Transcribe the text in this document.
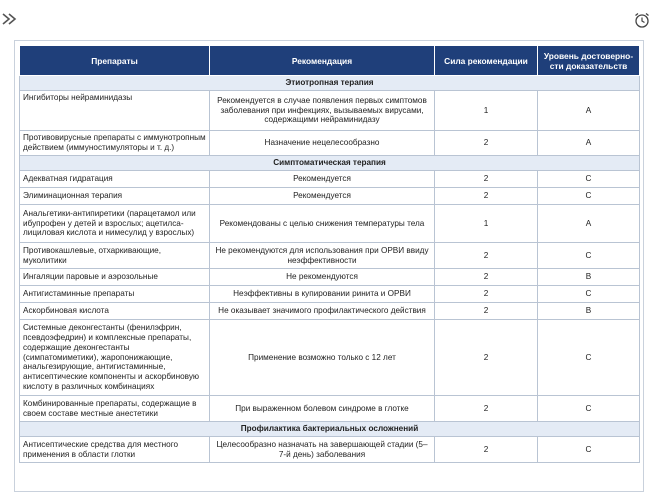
Препараты	Рекомендация	Сила рекомендации	Уровень достоверности доказательств
Этиотропная терапия			
Ингибиторы нейраминидазы	Рекомендуется в случае появления первых симптомов заболевания при инфекциях, вызываемых вирусами, содержащими нейраминидазу	1	A
Противовирусные препараты с иммунотропным действием (иммуностимуляторы и т. д.)	Назначение нецелесообразно	2	A
Симптоматическая терапия			
Адекватная гидратация	Рекомендуется	2	C
Элиминационная терапия	Рекомендуется	2	C
Анальгетики-антипиретики (парацетамол или ибупрофен у детей и взрослых; ацетилсалициловая кислота и нимесулид у взрослых)	Рекомендованы с целью снижения температуры тела	1	A
Противокашлевые, отхаркивающие, муколитики	Не рекомендуются для использования при ОРВИ ввиду неэффективности	2	C
Ингаляции паровые и аэрозольные	Не рекомендуются	2	B
Антигистаминные препараты	Неэффективны в купировании ринита и ОРВИ	2	C
Аскорбиновая кислота	Не оказывает значимого профилактического действия	2	B
Системные деконгестанты (фенилэфрин, псевдоэфедрин) и комплексные препараты, содержащие деконгестанты (симпатомиметики), жаропонижающие, анальгезирующие, антигистаминные, антисептические компоненты и аскорбиновую кислоту в различных комбинациях	Применение возможно только с 12 лет	2	C
Комбинированные препараты, содержащие в своем составе местные анестетики	При выраженном болевом синдроме в глотке	2	C
Профилактика бактериальных осложнений			
Антисептические средства для местного применения в области глотки	Целесообразно назначать на завершающей стадии (5–7-й день) заболевания	2	C
